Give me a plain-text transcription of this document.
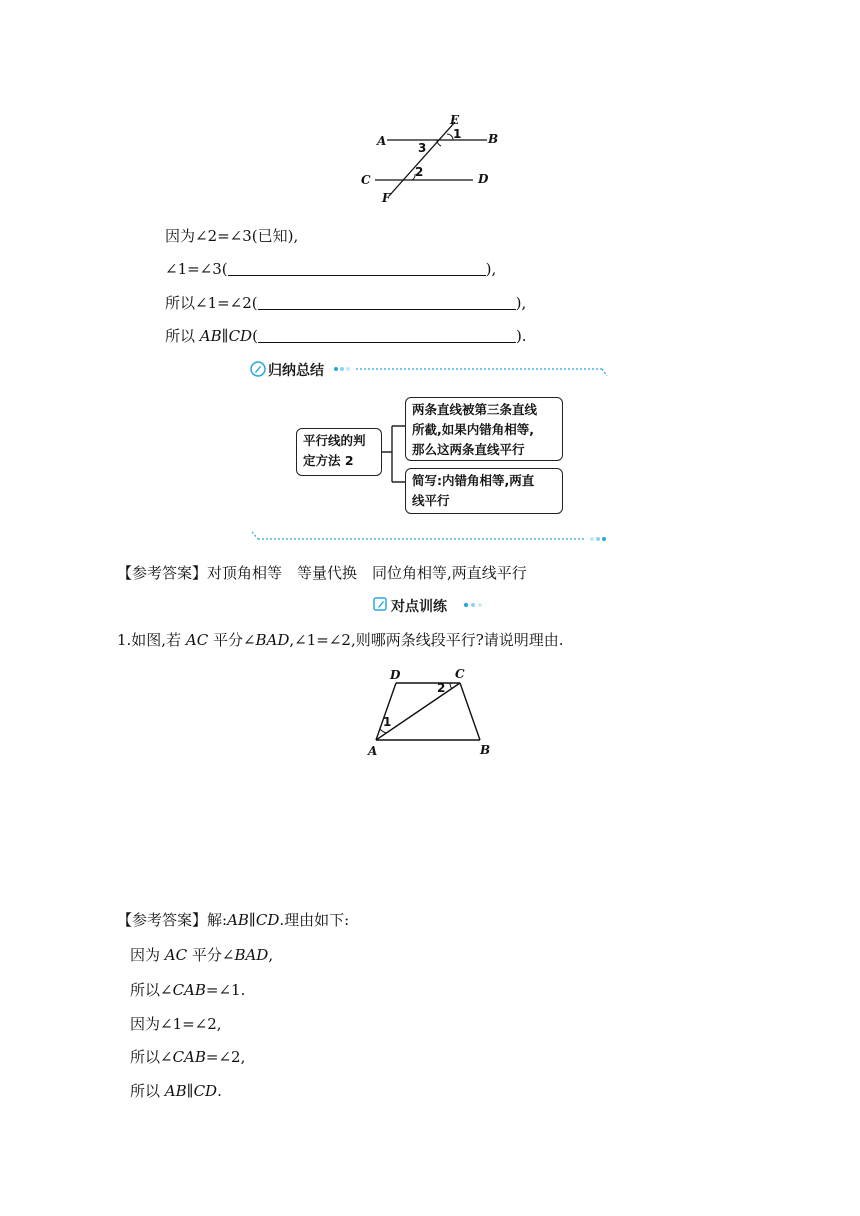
A	B
C	D
E
F
1
3
2
因为∠2=∠3(已知),
∠1=∠3(	),
所以∠1=∠2(	),
所以 AB∥CD(	).
归纳总结
平行线的判
定方法 2
两条直线被第三条直线
所截,如果内错角相等,
那么这两条直线平行
简写:内错角相等,两直
线平行
【参考答案】对顶角相等　等量代换　同位角相等,两直线平行
对点训练
1.如图,若 AC 平分∠BAD,∠1=∠2,则哪两条线段平行?请说明理由.
D	C
A	B
1
2
【参考答案】解:AB∥CD.理由如下:
因为 AC 平分∠BAD,
所以∠CAB=∠1.
因为∠1=∠2,
所以∠CAB=∠2,
所以 AB∥CD.
